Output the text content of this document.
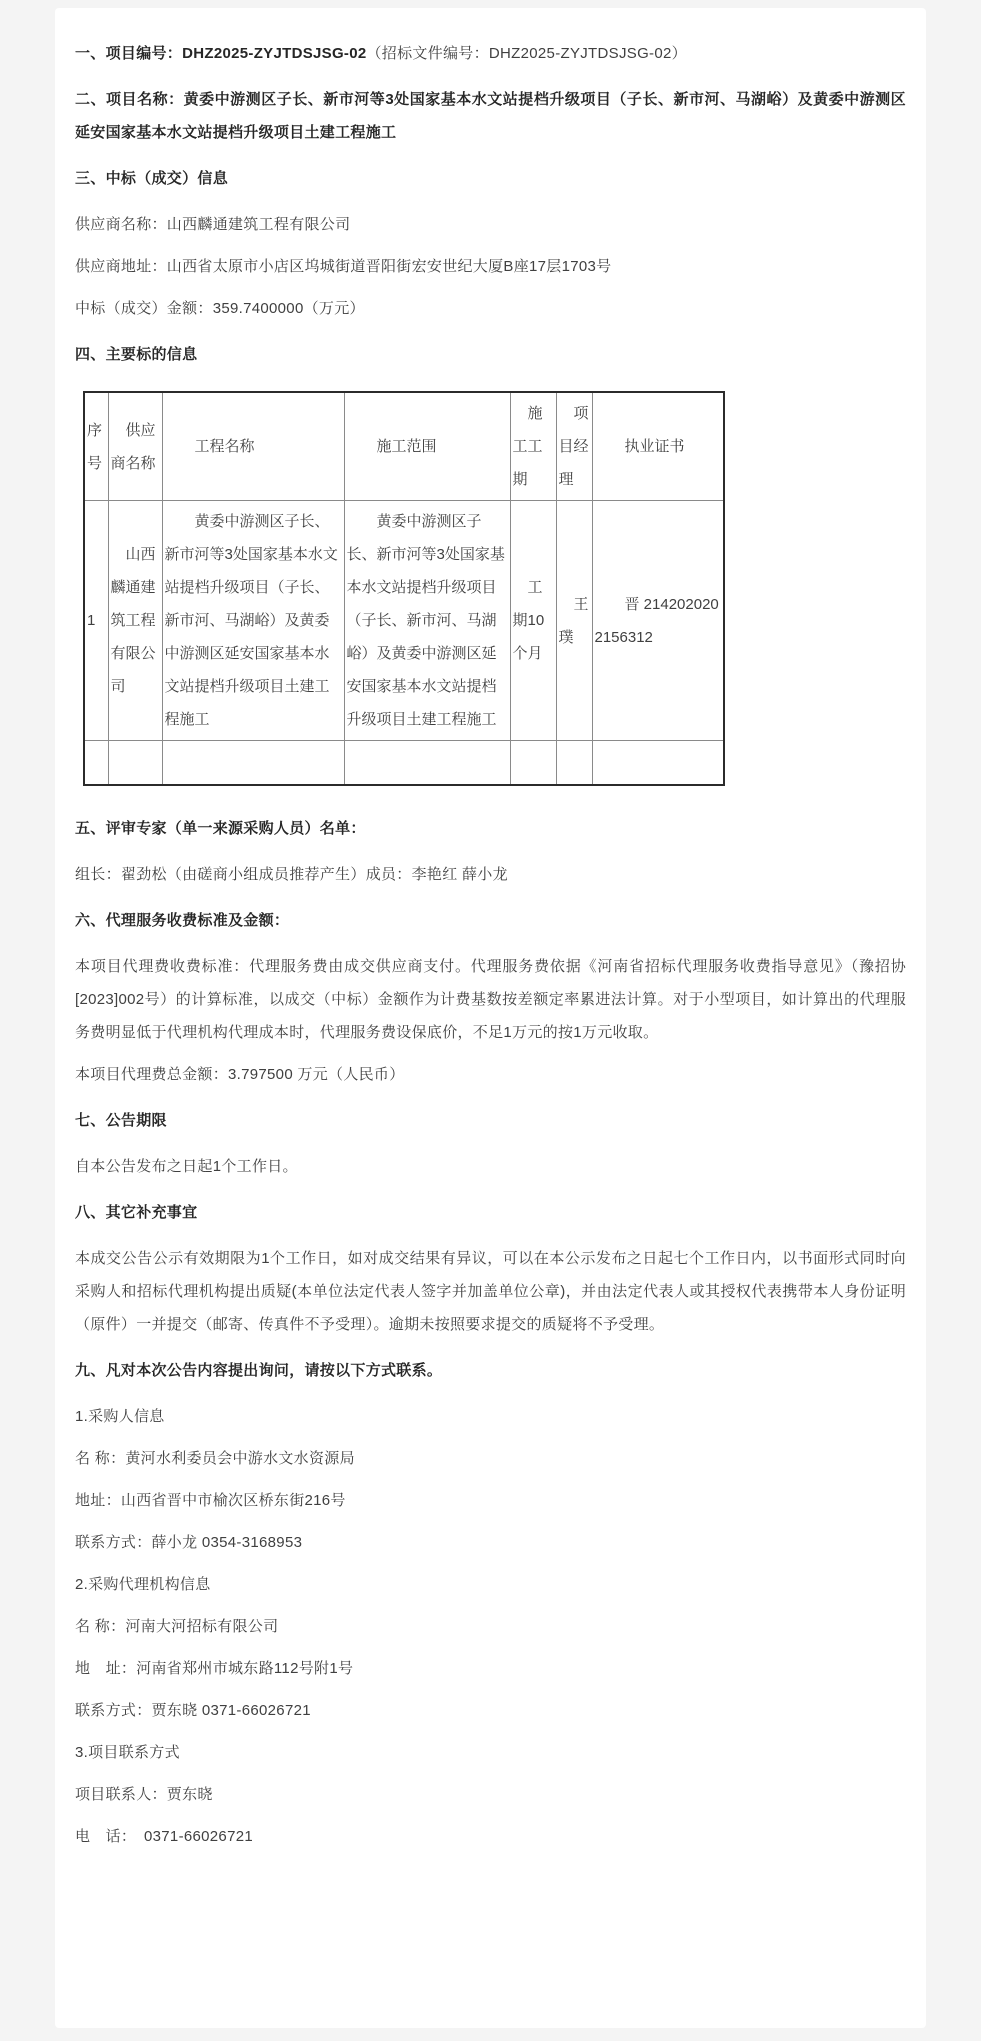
一、项目编号：DHZ2025-ZYJTDSJSG-02（招标文件编号：DHZ2025-ZYJTDSJSG-02）

二、项目名称：黄委中游测区子长、新市河等3处国家基本水文站提档升级项目（子长、新市河、马湖峪）及黄委中游测区延安国家基本水文站提档升级项目土建工程施工

三、中标（成交）信息

供应商名称：山西麟通建筑工程有限公司

供应商地址：山西省太原市小店区坞城街道晋阳街宏安世纪大厦B座17层1703号

中标（成交）金额：359.7400000（万元）

四、主要标的信息

序号	供应商名称	工程名称	施工范围	施工工期	项目经理	执业证书
1	山西麟通建筑工程有限公司	黄委中游测区子长、新市河等3处国家基本水文站提档升级项目（子长、新市河、马湖峪）及黄委中游测区延安国家基本水文站提档升级项目土建工程施工	黄委中游测区子长、新市河等3处国家基本水文站提档升级项目（子长、新市河、马湖峪）及黄委中游测区延安国家基本水文站提档升级项目土建工程施工	工期10个月	王璞	晋 2142020202156312

五、评审专家（单一来源采购人员）名单：

组长：翟劲松（由磋商小组成员推荐产生）成员：李艳红 薛小龙

六、代理服务收费标准及金额：

本项目代理费收费标准：代理服务费由成交供应商支付。代理服务费依据《河南省招标代理服务收费指导意见》（豫招协[2023]002号）的计算标准，以成交（中标）金额作为计费基数按差额定率累进法计算。对于小型项目，如计算出的代理服务费明显低于代理机构代理成本时，代理服务费设保底价，不足1万元的按1万元收取。

本项目代理费总金额：3.797500 万元（人民币）

七、公告期限

自本公告发布之日起1个工作日。

八、其它补充事宜

本成交公告公示有效期限为1个工作日，如对成交结果有异议，可以在本公示发布之日起七个工作日内，以书面形式同时向采购人和招标代理机构提出质疑(本单位法定代表人签字并加盖单位公章)，并由法定代表人或其授权代表携带本人身份证明（原件）一并提交（邮寄、传真件不予受理）。逾期未按照要求提交的质疑将不予受理。

九、凡对本次公告内容提出询问，请按以下方式联系。

1.采购人信息

名 称：黄河水利委员会中游水文水资源局

地址：山西省晋中市榆次区桥东街216号

联系方式：薛小龙 0354-3168953

2.采购代理机构信息

名 称：河南大河招标有限公司

地　址：河南省郑州市城东路112号附1号

联系方式：贾东晓 0371-66026721

3.项目联系方式

项目联系人：贾东晓

电　话：　0371-66026721
